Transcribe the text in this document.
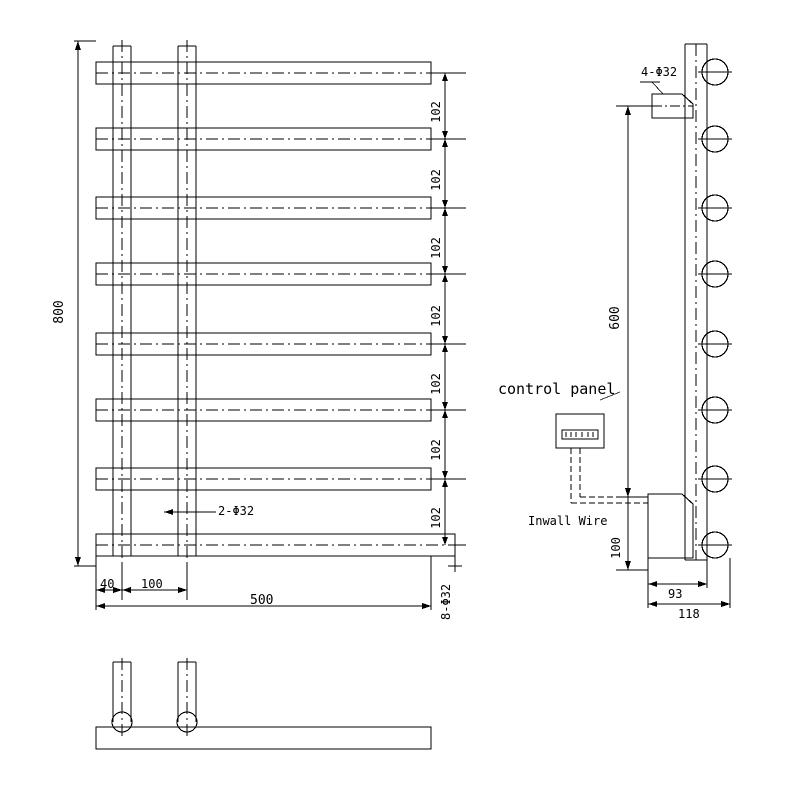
800
102
102
102
102
102
102
102
40 100
500
2-Φ32
8-Φ32
4-Φ32
600
100
93
118
control panel
Inwall Wire
